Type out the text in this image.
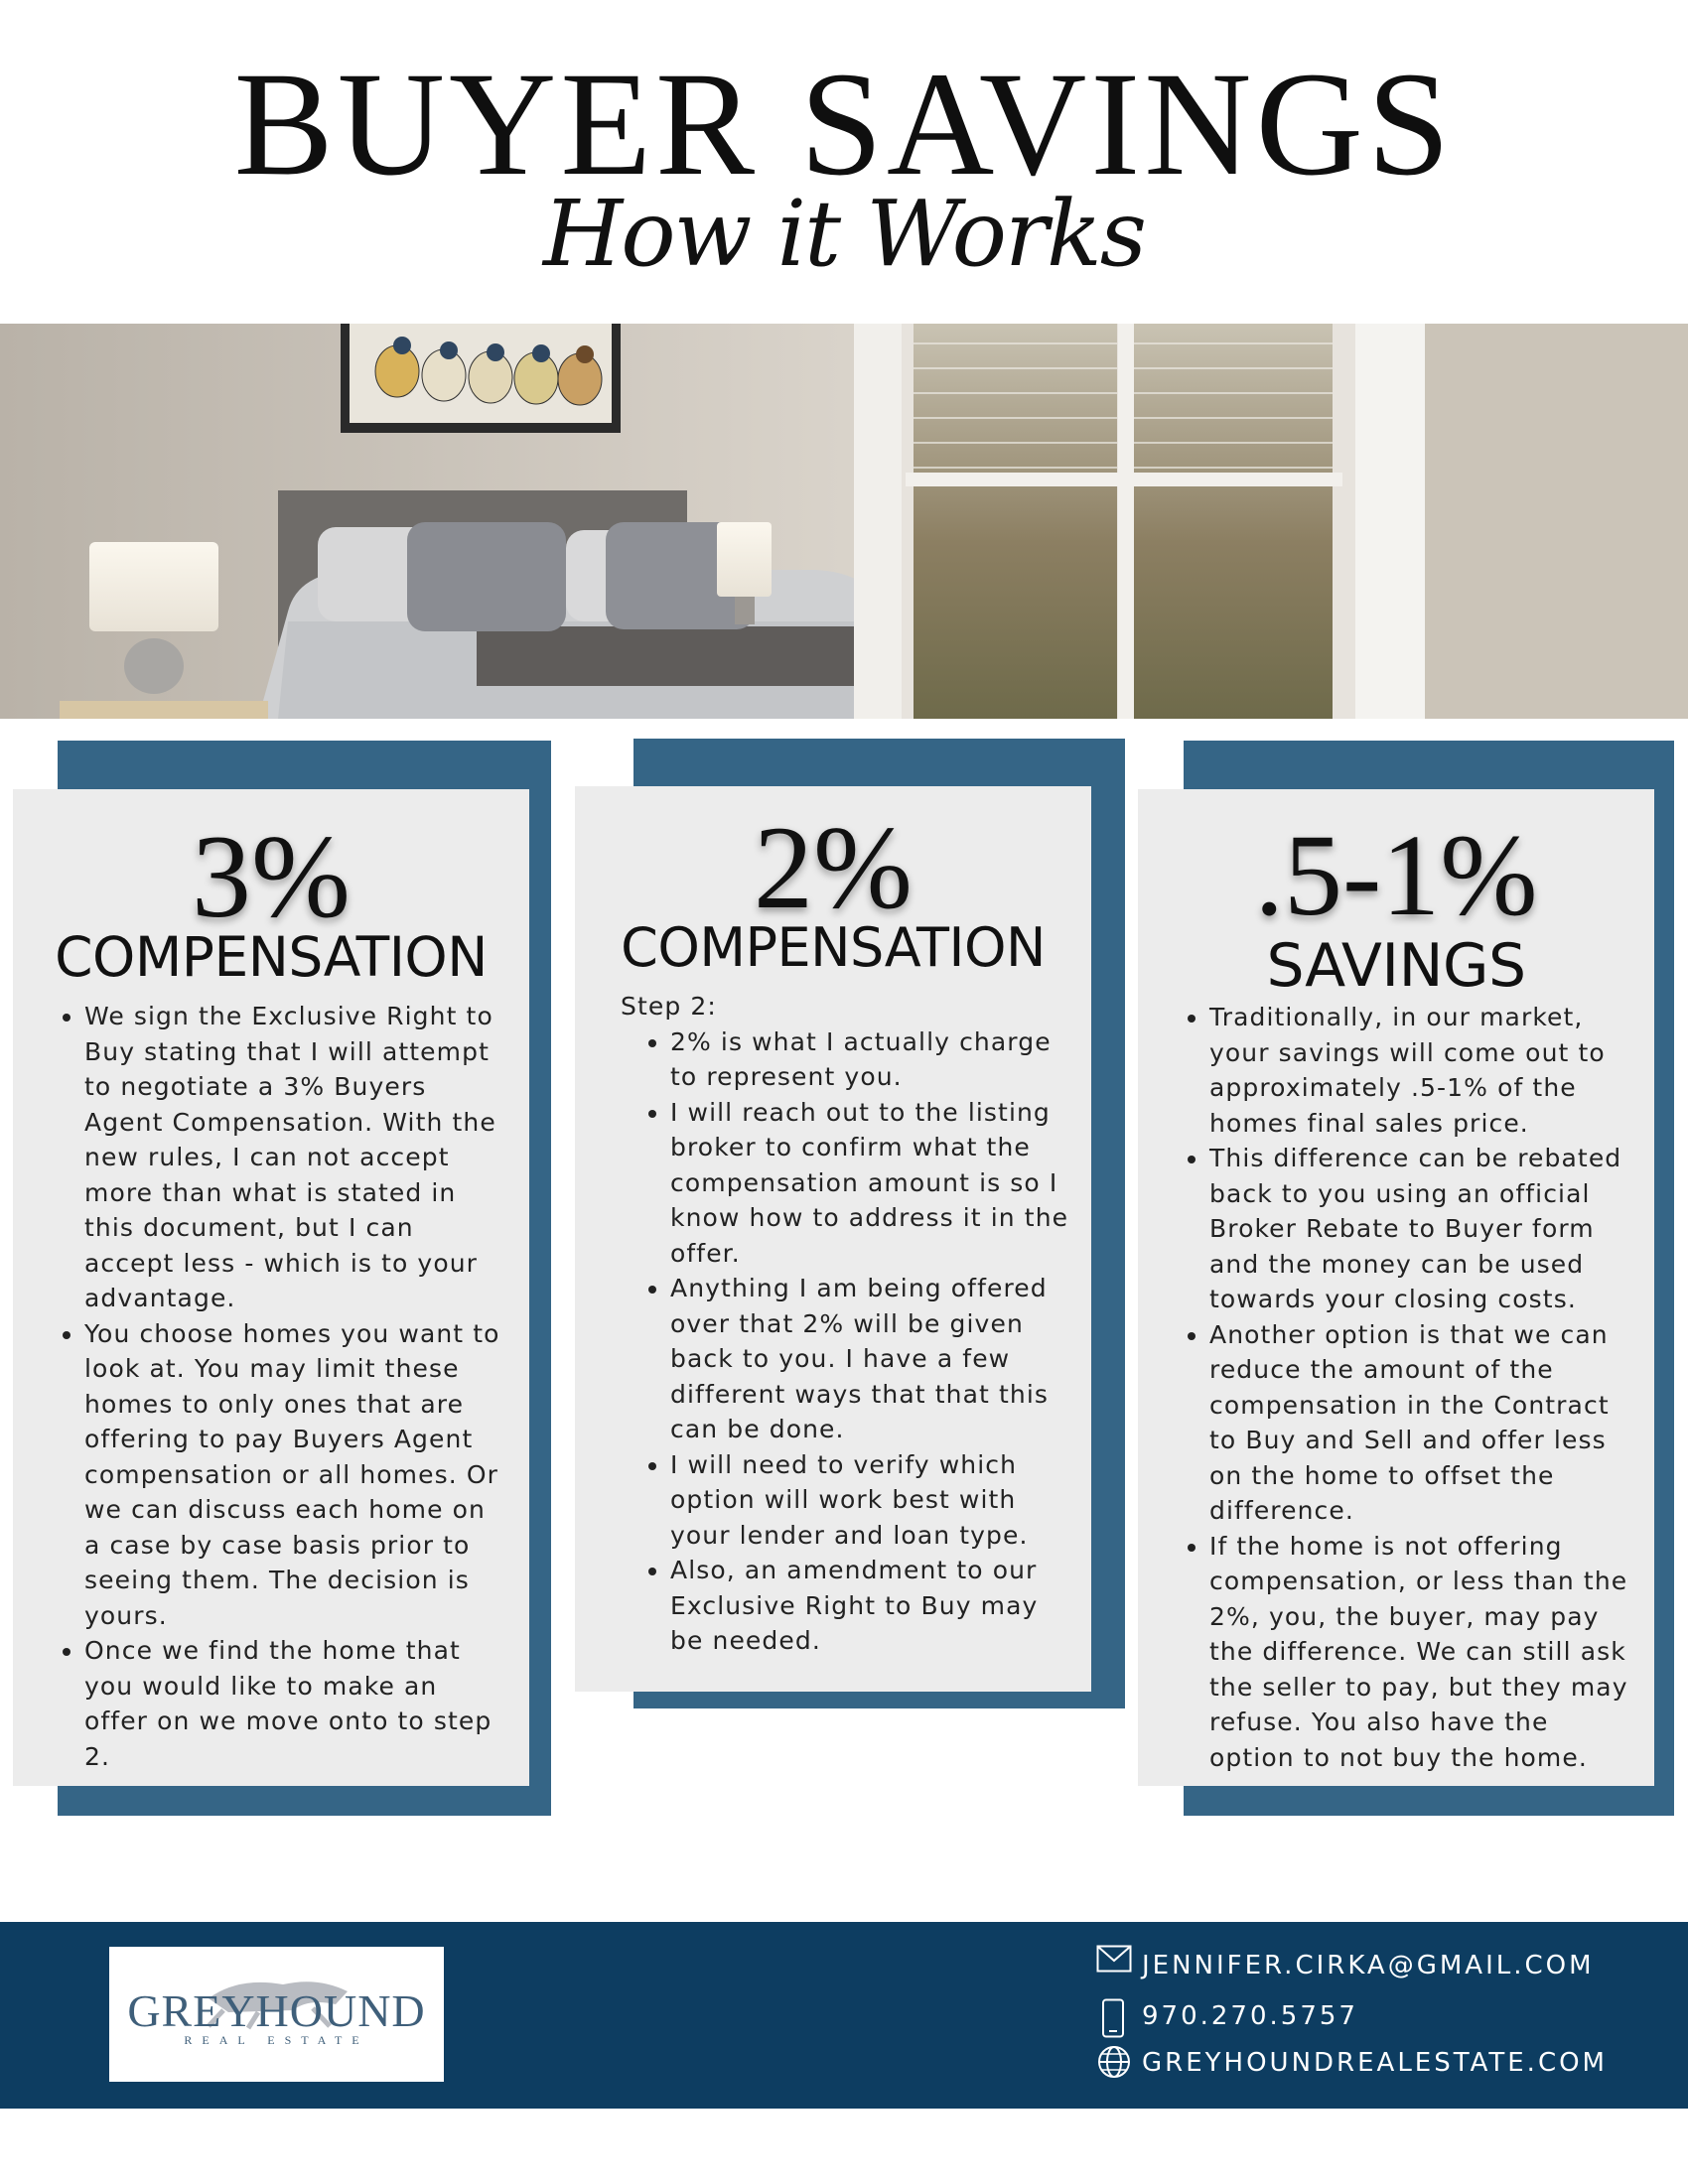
BUYER SAVINGS
How it Works
3%
COMPENSATION
• We sign the Exclusive Right to Buy stating that I will attempt to negotiate a 3% Buyers Agent Compensation. With the new rules, I can not accept more than what is stated in this document, but I can accept less - which is to your advantage.
• You choose homes you want to look at. You may limit these homes to only ones that are offering to pay Buyers Agent compensation or all homes. Or we can discuss each home on a case by case basis prior to seeing them. The decision is yours.
• Once we find the home that you would like to make an offer on we move onto to step 2.
2%
COMPENSATION

Step 2:

• 2% is what I actually charge to represent you.
• I will reach out to the listing broker to confirm what the compensation amount is so I know how to address it in the offer.
• Anything I am being offered over that 2% will be given back to you. I have a few different ways that that this can be done.
• I will need to verify which option will work best with your lender and loan type.
• Also, an amendment to our Exclusive Right to Buy may be needed.
.5-1%
SAVINGS
• Traditionally, in our market, your savings will come out to approximately .5-1% of the homes final sales price.
• This difference can be rebated back to you using an official Broker Rebate to Buyer form and the money can be used towards your closing costs.
• Another option is that we can reduce the amount of the compensation in the Contract to Buy and Sell and offer less on the home to offset the difference.
• If the home is not offering compensation, or less than the 2%, you, the buyer, may pay the difference. We can still ask the seller to pay, but they may refuse. You also have the option to not buy the home.
GREYHOUND
REAL ESTATE
JENNIFER.CIRKA@GMAIL.COM
970.270.5757
GREYHOUNDREALESTATE.COM
